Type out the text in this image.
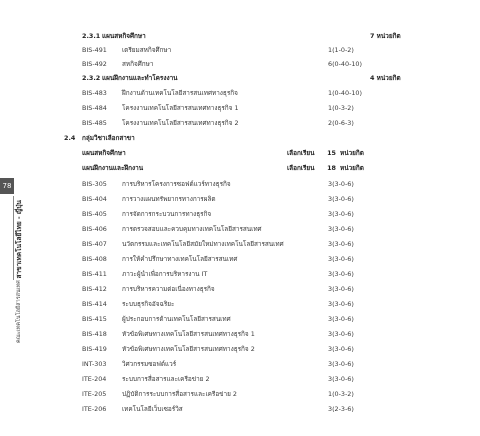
78
คณะเทคโนโลยีสารสนเทศ สาขาเทคโนโลยีไทย - ญี่ปุ่น
2.3.1 แผนสหกิจศึกษา	7 หน่วยกิต
BIS-491 เตรียมสหกิจศึกษา	1(1-0-2)
BIS-492 สหกิจศึกษา	6(0-40-10)
2.3.2 แผนฝึกงานและทำโครงงาน	4 หน่วยกิต
BIS-483 ฝึกงานด้านเทคโนโลยีสารสนเทศทางธุรกิจ	1(0-40-10)
BIS-484 โครงงานเทคโนโลยีสารสนเทศทางธุรกิจ 1	1(0-3-2)
BIS-485 โครงงานเทคโนโลยีสารสนเทศทางธุรกิจ 2	2(0-6-3)
2.4 กลุ่มวิชาเลือกสาขา
แผนสหกิจศึกษา	เลือกเรียน	15 หน่วยกิต
แผนฝึกงานและฝึกงาน	เลือกเรียน	18 หน่วยกิต
BIS-305 การบริหารโครงการซอฟต์แวร์ทางธุรกิจ	3(3-0-6)
BIS-404 การวางแผนทรัพยากรทางการผลิต	3(3-0-6)
BIS-405 การจัดการกระบวนการทางธุรกิจ	3(3-0-6)
BIS-406 การตรวจสอบและควบคุมทางเทคโนโลยีสารสนเทศ	3(3-0-6)
BIS-407 นวัตกรรมและเทคโนโลยีสมัยใหม่ทางเทคโนโลยีสารสนเทศ	3(3-0-6)
BIS-408 การให้คำปรึกษาทางเทคโนโลยีสารสนเทศ	3(3-0-6)
BIS-411 ภาวะผู้นำเพื่อการบริหารงาน IT	3(3-0-6)
BIS-412 การบริหารความต่อเนื่องทางธุรกิจ	3(3-0-6)
BIS-414 ระบบธุรกิจอัจฉริยะ	3(3-0-6)
BIS-415 ผู้ประกอบการด้านเทคโนโลยีสารสนเทศ	3(3-0-6)
BIS-418 หัวข้อพิเศษทางเทคโนโลยีสารสนเทศทางธุรกิจ 1	3(3-0-6)
BIS-419 หัวข้อพิเศษทางเทคโนโลยีสารสนเทศทางธุรกิจ 2	3(3-0-6)
INT-303 วิศวกรรมซอฟต์แวร์	3(3-0-6)
ITE-204 ระบบการสื่อสารและเครือข่าย 2	3(3-0-6)
ITE-205 ปฏิบัติการระบบการสื่อสารและเครือข่าย 2	1(0-3-2)
ITE-206 เทคโนโลยีเว็บเซอร์วิส	3(2-3-6)
